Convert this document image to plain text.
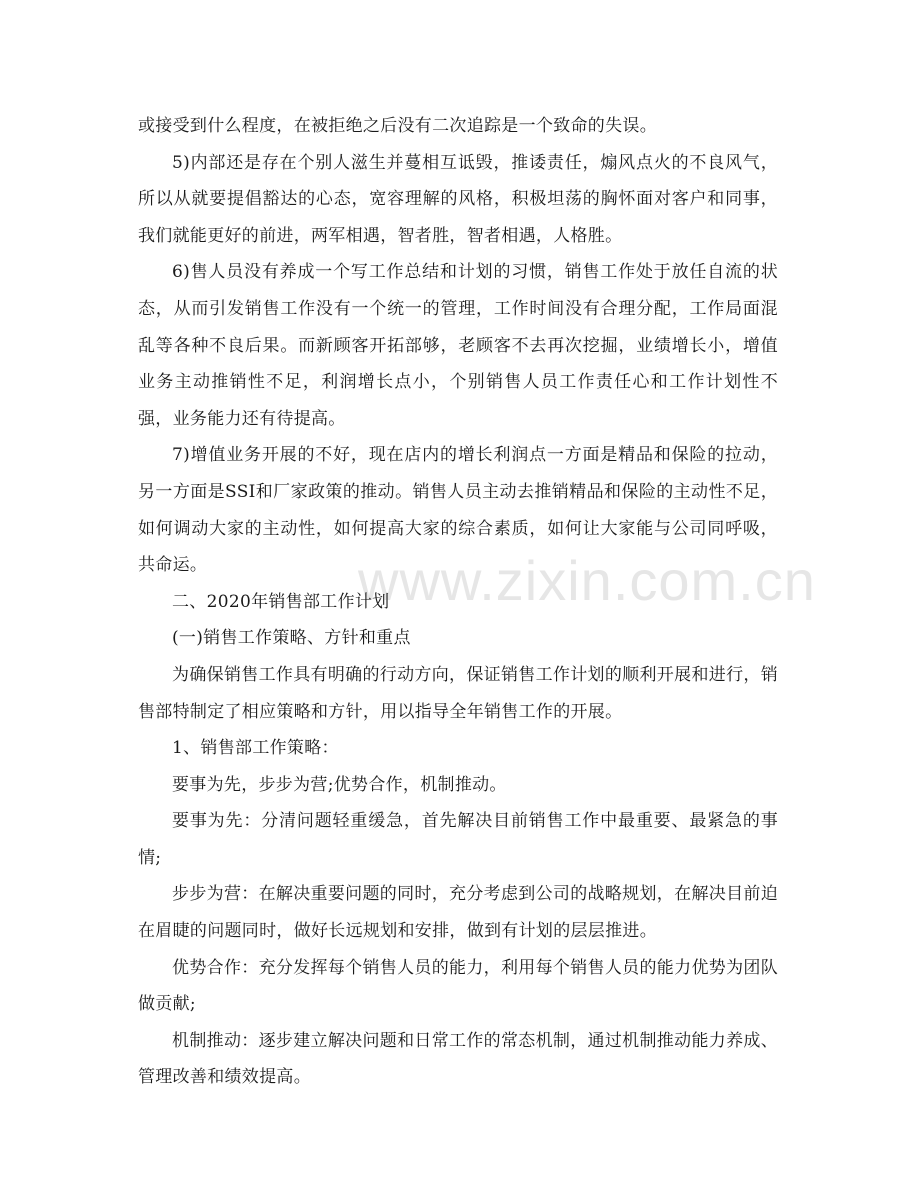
www.zixin.com.cn

或接受到什么程度，在被拒绝之后没有二次追踪是一个致命的失误。

5)内部还是存在个别人滋生并蔓相互诋毁，推诿责任，煽风点火的不良风气，所以从就要提倡豁达的心态，宽容理解的风格，积极坦荡的胸怀面对客户和同事，我们就能更好的前进，两军相遇，智者胜，智者相遇，人格胜。

6)售人员没有养成一个写工作总结和计划的习惯，销售工作处于放任自流的状态，从而引发销售工作没有一个统一的管理，工作时间没有合理分配，工作局面混乱等各种不良后果。而新顾客开拓部够，老顾客不去再次挖掘，业绩增长小，增值业务主动推销性不足，利润增长点小，个别销售人员工作责任心和工作计划性不强，业务能力还有待提高。

7)增值业务开展的不好，现在店内的增长利润点一方面是精品和保险的拉动，另一方面是SSI和厂家政策的推动。销售人员主动去推销精品和保险的主动性不足，如何调动大家的主动性，如何提高大家的综合素质，如何让大家能与公司同呼吸，共命运。

二、2020年销售部工作计划

(一)销售工作策略、方针和重点

为确保销售工作具有明确的行动方向，保证销售工作计划的顺利开展和进行，销售部特制定了相应策略和方针，用以指导全年销售工作的开展。

1、销售部工作策略：

要事为先，步步为营;优势合作，机制推动。

要事为先：分清问题轻重缓急，首先解决目前销售工作中最重要、最紧急的事情;

步步为营：在解决重要问题的同时，充分考虑到公司的战略规划，在解决目前迫在眉睫的问题同时，做好长远规划和安排，做到有计划的层层推进。

优势合作：充分发挥每个销售人员的能力，利用每个销售人员的能力优势为团队做贡献;

机制推动：逐步建立解决问题和日常工作的常态机制，通过机制推动能力养成、管理改善和绩效提高。
